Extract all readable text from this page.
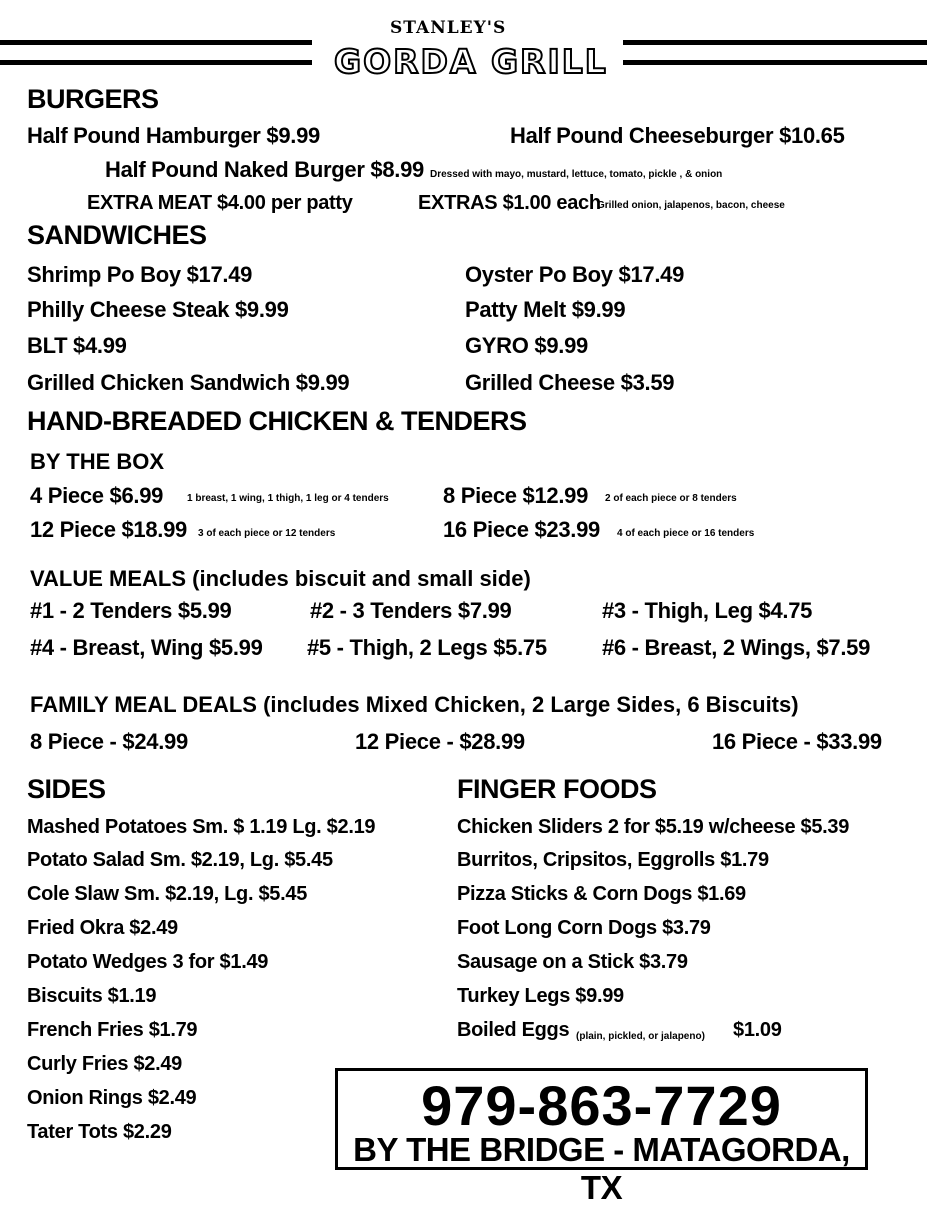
STANLEY'S
GORDA GRILL
BURGERS
Half Pound Hamburger $9.99	Half Pound Cheeseburger $10.65
Half Pound Naked Burger $8.99 Dressed with mayo, mustard, lettuce, tomato, pickle , & onion
EXTRA MEAT $4.00 per patty	EXTRAS $1.00 each
Grilled onion, jalapenos, bacon, cheese
SANDWICHES
Shrimp Po Boy $17.49	Oyster Po Boy $17.49
Philly Cheese Steak $9.99	Patty Melt $9.99
BLT $4.99	GYRO $9.99
Grilled Chicken Sandwich $9.99	Grilled Cheese $3.59
HAND-BREADED CHICKEN & TENDERS
BY THE BOX
4 Piece $6.99 1 breast, 1 wing, 1 thigh, 1 leg or 4 tenders 8 Piece $12.99 2 of each piece or 8 tenders
12 Piece $18.99 3 of each piece or 12 tenders	16 Piece $23.99 4 of each piece or 16 tenders
VALUE MEALS (includes biscuit and small side)
#1 - 2 Tenders $5.99	#2 - 3 Tenders $7.99	#3 - Thigh, Leg $4.75
#4 - Breast, Wing $5.99 #5 - Thigh, 2 Legs $5.75	#6 - Breast, 2 Wings, $7.59
FAMILY MEAL DEALS (includes Mixed Chicken, 2 Large Sides, 6 Biscuits)
8 Piece - $24.99	12 Piece - $28.99	16 Piece - $33.99
SIDES
Mashed Potatoes Sm. $ 1.19 Lg. $2.19
Potato Salad Sm. $2.19, Lg. $5.45
Cole Slaw Sm. $2.19, Lg. $5.45
Fried Okra $2.49
Potato Wedges 3 for $1.49
Biscuits $1.19
French Fries $1.79
Curly Fries $2.49
Onion Rings $2.49
Tater Tots $2.29
FINGER FOODS
Chicken Sliders 2 for $5.19 w/cheese $5.39
Burritos, Cripsitos, Eggrolls $1.79
Pizza Sticks & Corn Dogs $1.69
Foot Long Corn Dogs $3.79
Sausage on a Stick $3.79
Turkey Legs $9.99
Boiled Eggs (plain, pickled, or jalapeno) $1.09
979-863-7729
BY THE BRIDGE - MATAGORDA, TX
